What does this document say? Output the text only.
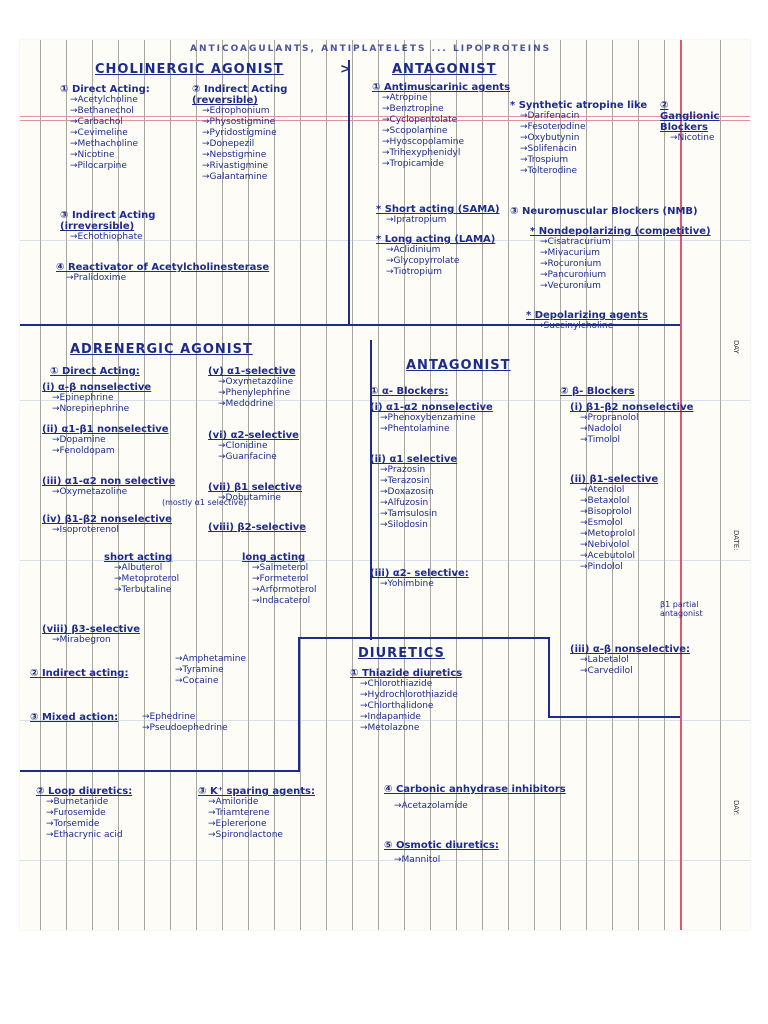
ANTICOAGULANTS, ANTIPLATELETS ... LIPOPROTEINS
DAY
DATE:
DAY:
>
CHOLINERGIC AGONIST
① Direct Acting:
→ Acetylcholine
→ Bethanechol
→ Carbachol
→ Cevimeline
→ Methacholine
→ Nicotine
→ Pilocarpine
② Indirect Acting
(reversible)
→ Edrophonium
→ Physostigmine
→ Pyridostigmine
→ Donepezil
→ Neostigmine
→ Rivastigmine
→ Galantamine
③ Indirect Acting
(irreversible)
→ Echothiophate
④ Reactivator of Acetylcholinesterase
→ Pralidoxime
ANTAGONIST
① Antimuscarinic agents
→ Atropine
→ Benztropine
→ Cyclopentolate
→ Scopolamine
→ Hyoscopolamine
→ Trihexyphenidyl
→ Tropicamide
* Synthetic atropine like
→ Darifenacin
→ Fesoterodine
→ Oxybutynin
→ Solifenacin
→ Trospium
→ Tolterodine
② Ganglionic Blockers
→ Nicotine
* Short acting (SAMA)
→ Ipratropium
* Long acting (LAMA)
→ Aclidinium
→ Glycopyrrolate
→ Tiotropium
③ Neuromuscular Blockers (NMB)
* Nondepolarizing (competitive)
→ Cisatracurium
→ Mivacurium
→ Rocuronium
→ Pancuronium
→ Vecuronium
* Depolarizing agents
→ Succinylcholine
ADRENERGIC AGONIST
① Direct Acting:
(i) α-β nonselective
→ Epinephrine
→ Norepinephrine
(ii) α1-β1 nonselective
→ Dopamine
→ Fenoldopam
(iii) α1-α2 non selective
→ Oxymetazoline
(mostly α1 selective)
(iv) β1-β2 nonselective
→ Isoproterenol
(v) α1-selective
→ Oxymetazoline
→ Phenylephrine
→ Medodrine
(vi) α2-selective
→ Clonidine
→ Guanfacine
(vii) β1 selective
→ Dobutamine
(viii) β2-selective
short acting
→ Albuterol
→ Metoproterol
→ Terbutaline
long acting
→ Salmeterol
→ Formeterol
→ Arformoterol
→ Indacaterol
(viii) β3-selective
→ Mirabegron
② Indirect acting:
→ Amphetamine
→ Tyramine
→ Cocaine
③ Mixed action:	→ Ephedrine
→ Pseudoephedrine
ANTAGONIST
① α- Blockers:
(i) α1-α2 nonselective
→ Phenoxybenzamine
→ Phentolamine
(ii) α1 selective
→ Prazosin
→ Terazosin
→ Doxazosin
→ Alfuzosin
→ Tamsulosin
→ Silodosin
(iii) α2- selective:
→ Yohimbine
② β- Blockers
(i) β1-β2 nonselective
→ Propranolol
→ Nadolol
→ Timolol
(ii) β1-selective
→ Atenolol
→ Betaxolol
→ Bisoprolol
→ Esmolol
→ Metoprolol
→ Nebivolol
→ Acebutolol
→ Pindolol
β1 partial antagonist
(iii) α-β nonselective:
→ Labetalol
→ Carvedilol
DIURETICS
① Thiazide diuretics
→ Chlorothiazide
→ Hydrochlorothiazide
→ Chlorthalidone
→ Indapamide
→ Metolazone
② Loop diuretics:
→ Bumetanide
→ Furosemide
→ Torsemide
→ Ethacrynic acid
③ K⁺ sparing agents:
→ Amiloride
→ Triamterene
→ Eplerenone
→ Spironolactone
④ Carbonic anhydrase inhibitors
→ Acetazolamide
⑤ Osmotic diuretics:
→ Mannitol
